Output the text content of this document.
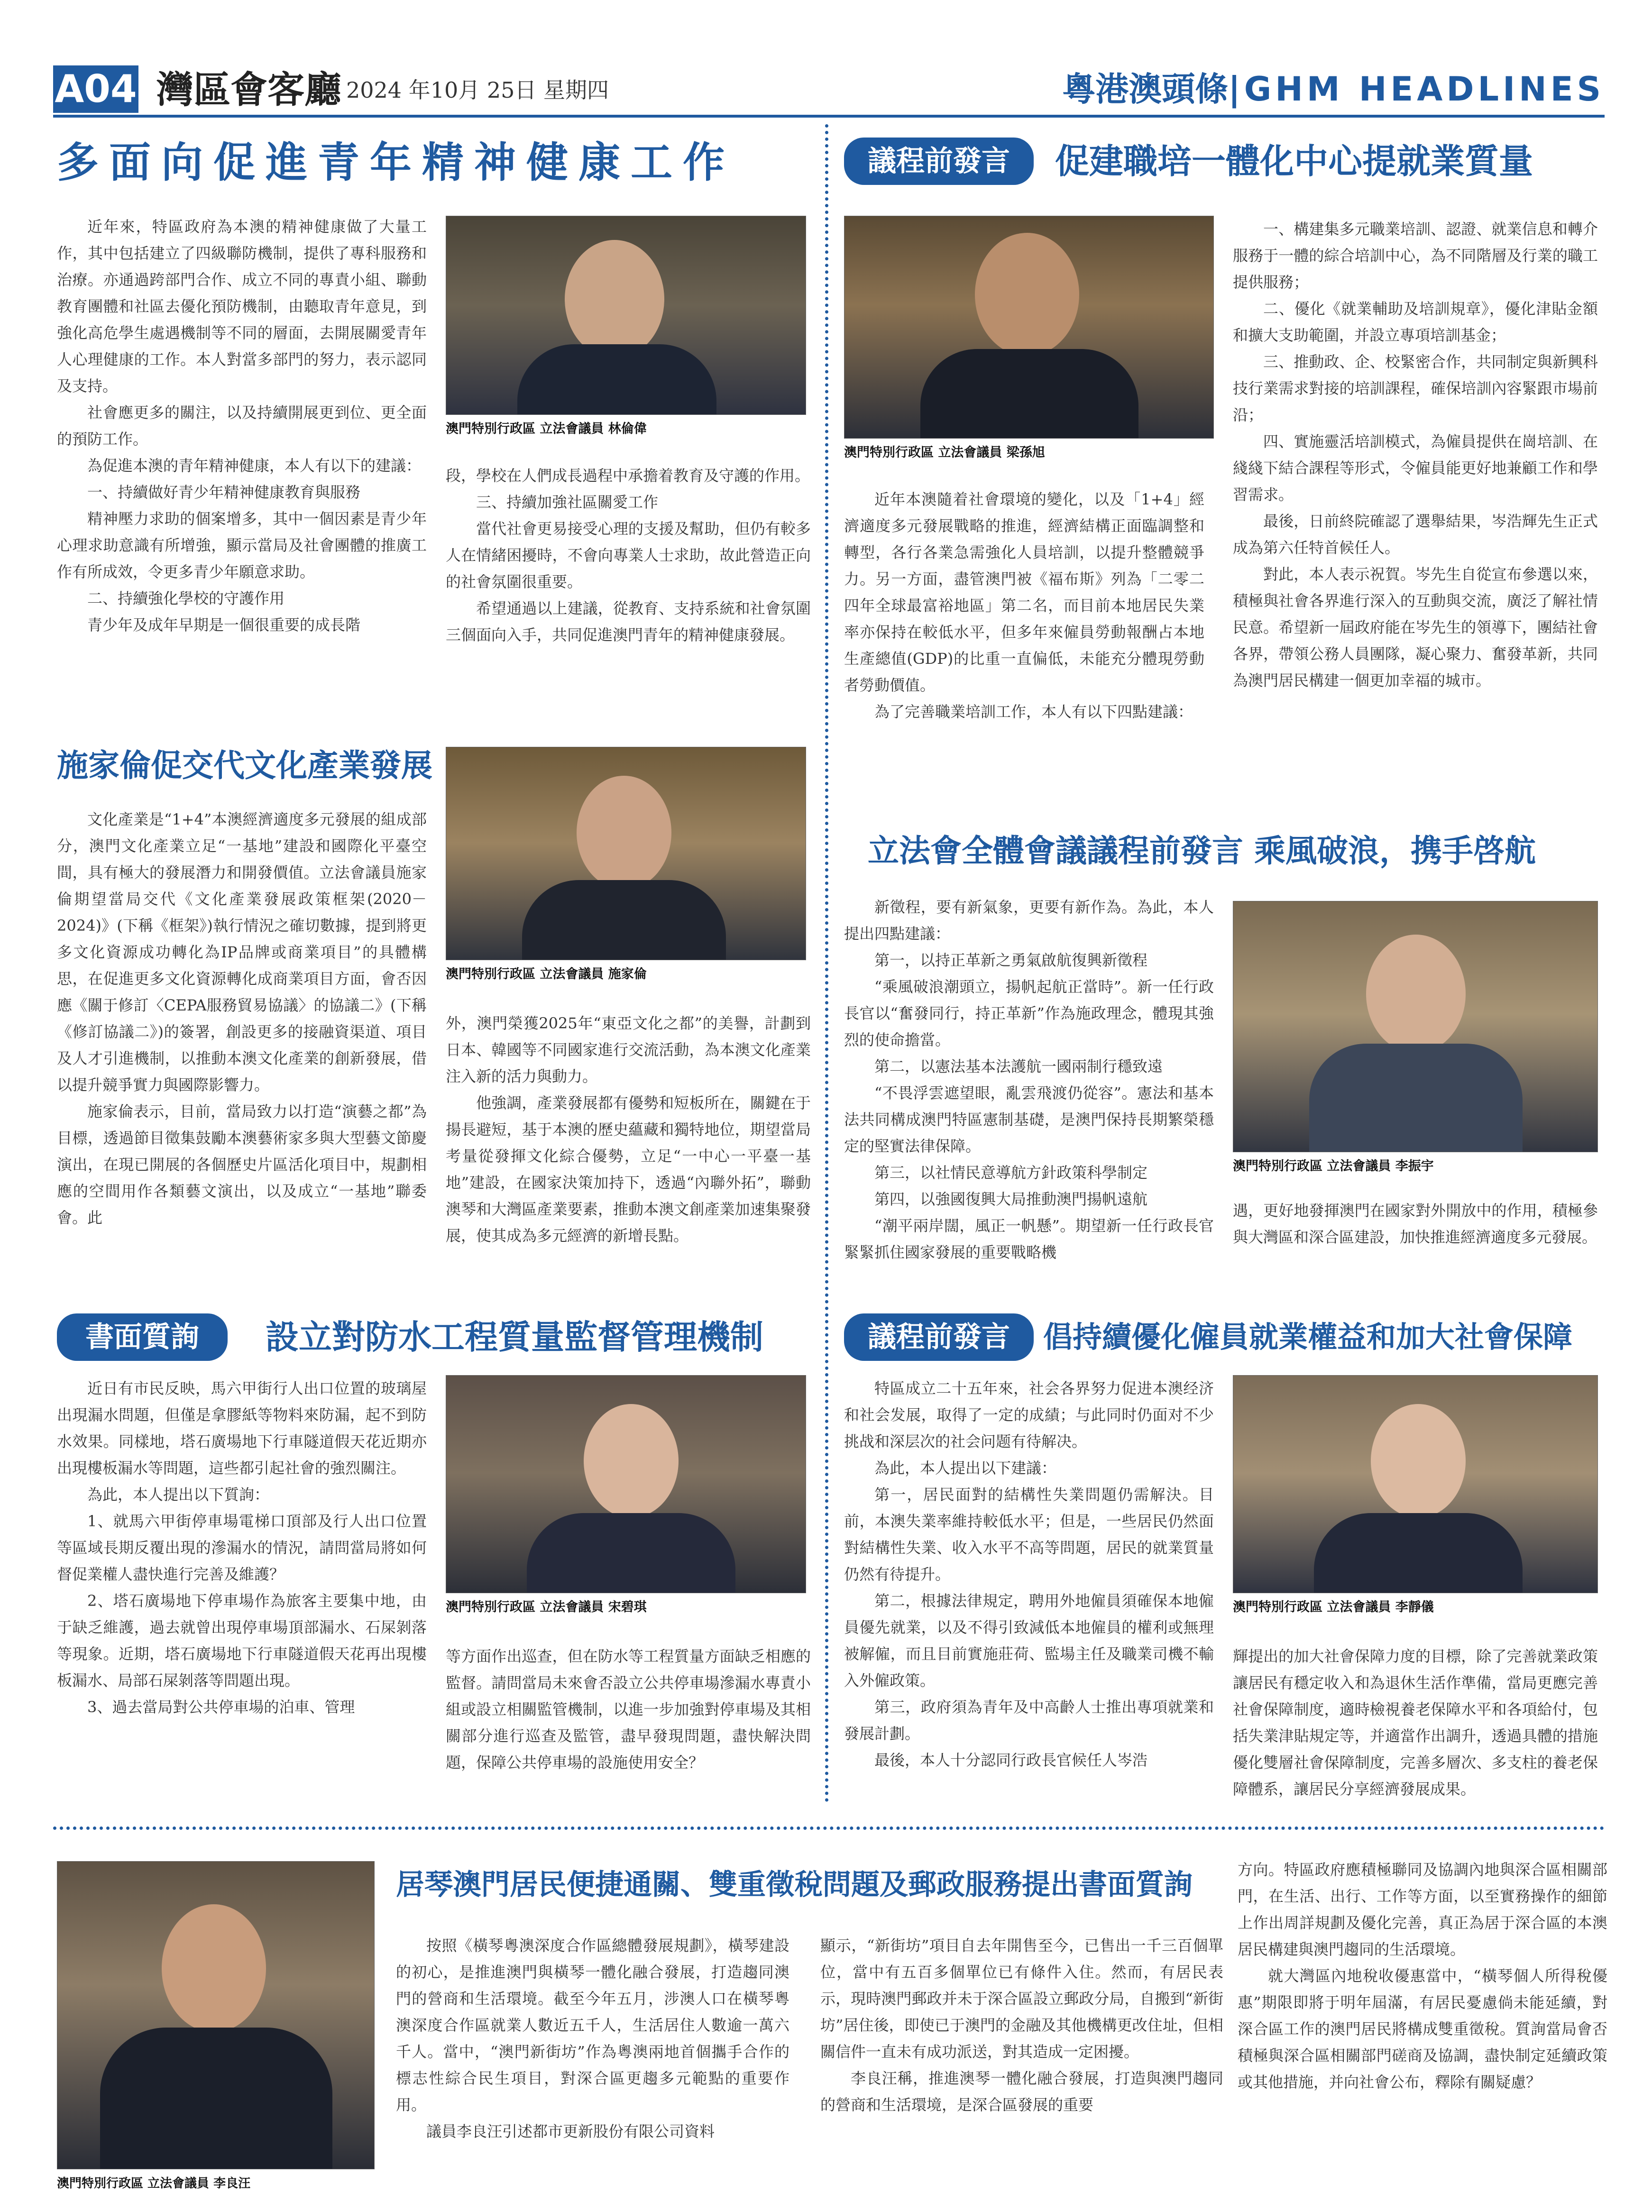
A04 灣區會客廳 2024 年10月 25日 星期四	粵港澳頭條| GHM HEADLINES
多面向促進青年精神健康工作

近年來，特區政府為本澳的精神健康做了大量工作，其中包括建立了四級聯防機制，提供了專科服務和治療。亦通過跨部門合作、成立不同的專責小組、聯動教育團體和社區去優化預防機制，由聽取青年意見，到強化高危學生處遇機制等不同的層面，去開展關愛青年人心理健康的工作。本人對當多部門的努力，表示認同及支持。

社會應更多的關注，以及持續開展更到位、更全面的預防工作。

為促進本澳的青年精神健康，本人有以下的建議：

一、持續做好青少年精神健康教育與服務

精神壓力求助的個案增多，其中一個因素是青少年心理求助意識有所增強，顯示當局及社會團體的推廣工作有所成效，令更多青少年願意求助。

二、持續強化學校的守護作用

青少年及成年早期是一個很重要的成長階

澳門特別行政區 立法會議員 林倫偉

段，學校在人們成長過程中承擔着教育及守護的作用。

三、持續加強社區關愛工作

當代社會更易接受心理的支援及幫助，但仍有較多人在情緒困擾時，不會向專業人士求助，故此營造正向的社會氛圍很重要。

希望通過以上建議，從教育、支持系統和社會氛圍三個面向入手，共同促進澳門青年的精神健康發展。

議程前發言	促建職培一體化中心提就業質量
澳門特別行政區 立法會議員 梁孫旭

近年本澳隨着社會環境的變化，以及「1+4」經濟適度多元發展戰略的推進，經濟結構正面臨調整和轉型，各行各業急需強化人員培訓，以提升整體競爭力。另一方面，盡管澳門被《福布斯》列為「二零二四年全球最富裕地區」第二名，而目前本地居民失業率亦保持在較低水平，但多年來僱員勞動報酬占本地生產總值(GDP)的比重一直偏低，未能充分體現勞動者勞動價值。

為了完善職業培訓工作，本人有以下四點建議：

一、構建集多元職業培訓、認證、就業信息和轉介服務于一體的綜合培訓中心，為不同階層及行業的職工提供服務；

二、優化《就業輔助及培訓規章》，優化津貼金額和擴大支助範圍，并設立專項培訓基金；

三、推動政、企、校緊密合作，共同制定與新興科技行業需求對接的培訓課程，確保培訓內容緊跟市場前沿；

四、實施靈活培訓模式，為僱員提供在崗培訓、在綫綫下結合課程等形式，令僱員能更好地兼顧工作和學習需求。

最後，日前終院確認了選舉結果，岑浩輝先生正式成為第六任特首候任人。

對此，本人表示祝賀。岑先生自從宣布參選以來，積極與社會各界進行深入的互動與交流，廣泛了解社情民意。希望新一屆政府能在岑先生的領導下，團結社會各界，帶領公務人員團隊，凝心聚力、奮發革新，共同為澳門居民構建一個更加幸福的城市。

施家倫促交代文化產業發展

文化產業是“1+4”本澳經濟適度多元發展的組成部分，澳門文化產業立足“一基地”建設和國際化平臺空間，具有極大的發展潛力和開發價值。立法會議員施家倫期望當局交代《文化產業發展政策框架(2020－2024)》(下稱《框架》)執行情況之確切數據，提到將更多文化資源成功轉化為IP品牌或商業項目”的具體構思，在促進更多文化資源轉化成商業項目方面，會否因應《關于修訂〈CEPA服務貿易協議〉的協議二》(下稱《修訂協議二》)的簽署，創設更多的接融資渠道、項目及人才引進機制，以推動本澳文化產業的創新發展，借以提升競爭實力與國際影響力。

施家倫表示，目前，當局致力以打造“演藝之都”為目標，透過節目徵集鼓勵本澳藝術家多與大型藝文節慶演出，在現已開展的各個歷史片區活化項目中，規劃相應的空間用作各類藝文演出，以及成立“一基地”聯委會。此

澳門特別行政區 立法會議員 施家倫

外，澳門榮獲2025年“東亞文化之都”的美譽，計劃到日本、韓國等不同國家進行交流活動，為本澳文化產業注入新的活力與動力。

他強調，產業發展都有優勢和短板所在，關鍵在于揚長避短，基于本澳的歷史蘊藏和獨特地位，期望當局考量從發揮文化綜合優勢，立足“一中心一平臺一基地”建設，在國家決策加持下，透過“內聯外拓”，聯動澳琴和大灣區產業要素，推動本澳文創產業加速集聚發展，使其成為多元經濟的新增長點。

立法會全體會議議程前發言 乘風破浪，携手啓航

新徵程，要有新氣象，更要有新作為。為此，本人提出四點建議：

第一，以持正革新之勇氣啟航復興新徵程

“乘風破浪潮頭立，揚帆起航正當時”。新一任行政長官以“奮發同行，持正革新”作為施政理念，體現其強烈的使命擔當。

第二，以憲法基本法護航一國兩制行穩致遠

“不畏浮雲遮望眼，亂雲飛渡仍從容”。憲法和基本法共同構成澳門特區憲制基礎，是澳門保持長期繁榮穩定的堅實法律保障。

第三，以社情民意導航方針政策科學制定

第四，以強國復興大局推動澳門揚帆遠航

“潮平兩岸闊，風正一帆懸”。期望新一任行政長官緊緊抓住國家發展的重要戰略機

澳門特別行政區 立法會議員 李振宇

遇，更好地發揮澳門在國家對外開放中的作用，積極參與大灣區和深合區建設，加快推進經濟適度多元發展。

書面質詢	設立對防水工程質量監督管理機制

近日有市民反映，馬六甲街行人出口位置的玻璃屋出現漏水問題，但僅是拿膠紙等物料來防漏，起不到防水效果。同樣地，塔石廣場地下行車隧道假天花近期亦出現樓板漏水等問題，這些都引起社會的強烈關注。

為此，本人提出以下質詢：

1、就馬六甲街停車場電梯口頂部及行人出口位置等區域長期反覆出現的滲漏水的情況，請問當局將如何督促業權人盡快進行完善及維護？

2、塔石廣場地下停車場作為旅客主要集中地，由于缺乏維護，過去就曾出現停車場頂部漏水、石屎剝落等現象。近期，塔石廣場地下行車隧道假天花再出現樓板漏水、局部石屎剝落等問題出現。

3、過去當局對公共停車場的泊車、管理

澳門特別行政區 立法會議員 宋碧琪

等方面作出巡查，但在防水等工程質量方面缺乏相應的監督。請問當局未來會否設立公共停車場滲漏水專責小組或設立相關監管機制，以進一步加強對停車場及其相關部分進行巡查及監管，盡早發現問題，盡快解決問題，保障公共停車場的設施使用安全？

議程前發言	倡持續優化僱員就業權益和加大社會保障

特區成立二十五年來，社会各界努力促进本澳经济和社会发展，取得了一定的成績；与此同时仍面对不少挑战和深层次的社会问题有待解决。

為此，本人提出以下建議：

第一，居民面對的結構性失業問題仍需解決。目前，本澳失業率維持較低水平；但是，一些居民仍然面對結構性失業、收入水平不高等問題，居民的就業質量仍然有待提升。

第二，根據法律規定，聘用外地僱員須確保本地僱員優先就業，以及不得引致減低本地僱員的權利或無理被解僱，而且目前實施莊荷、監場主任及職業司機不輸入外僱政策。

第三，政府須為青年及中高齡人士推出專項就業和發展計劃。

最後，本人十分認同行政長官候任人岑浩

澳門特別行政區 立法會議員 李靜儀

輝提出的加大社會保障力度的目標，除了完善就業政策讓居民有穩定收入和為退休生活作準備，當局更應完善社會保障制度，適時檢視養老保障水平和各項給付，包括失業津貼規定等，并適當作出調升，透過具體的措施優化雙層社會保障制度，完善多層次、多支柱的養老保障體系，讓居民分享經濟發展成果。

澳門特別行政區 立法會議員 李良汪
居琴澳門居民便捷通關、雙重徵稅問題及郵政服務提出書面質詢

按照《橫琴粵澳深度合作區總體發展規劃》，橫琴建設的初心，是推進澳門與橫琴一體化融合發展，打造趨同澳門的營商和生活環境。截至今年五月，涉澳人口在橫琴粵澳深度合作區就業人數近五千人，生活居住人數逾一萬六千人。當中，“澳門新街坊”作為粵澳兩地首個攜手合作的標志性綜合民生項目，對深合區更趨多元範點的重要作用。

議員李良汪引述都市更新股份有限公司資料

顯示，“新街坊”項目自去年開售至今，已售出一千三百個單位，當中有五百多個單位已有條件入住。然而，有居民表示，現時澳門郵政并未于深合區設立郵政分局，自搬到“新街坊”居住後，即使已于澳門的金融及其他機構更改住址，但相關信件一直未有成功派送，對其造成一定困擾。

李良汪稱，推進澳琴一體化融合發展，打造與澳門趨同的營商和生活環境，是深合區發展的重要

方向。特區政府應積極聯同及協調內地與深合區相關部門，在生活、出行、工作等方面，以至實務操作的細節上作出周詳規劃及優化完善，真正為居于深合區的本澳居民構建與澳門趨同的生活環境。

就大灣區內地稅收優惠當中，“橫琴個人所得稅優惠”期限即將于明年屆滿，有居民憂慮倘未能延續，對深合區工作的澳門居民將構成雙重徵稅。質詢當局會否積極與深合區相關部門磋商及協調，盡快制定延續政策或其他措施，并向社會公布，釋除有關疑慮？
